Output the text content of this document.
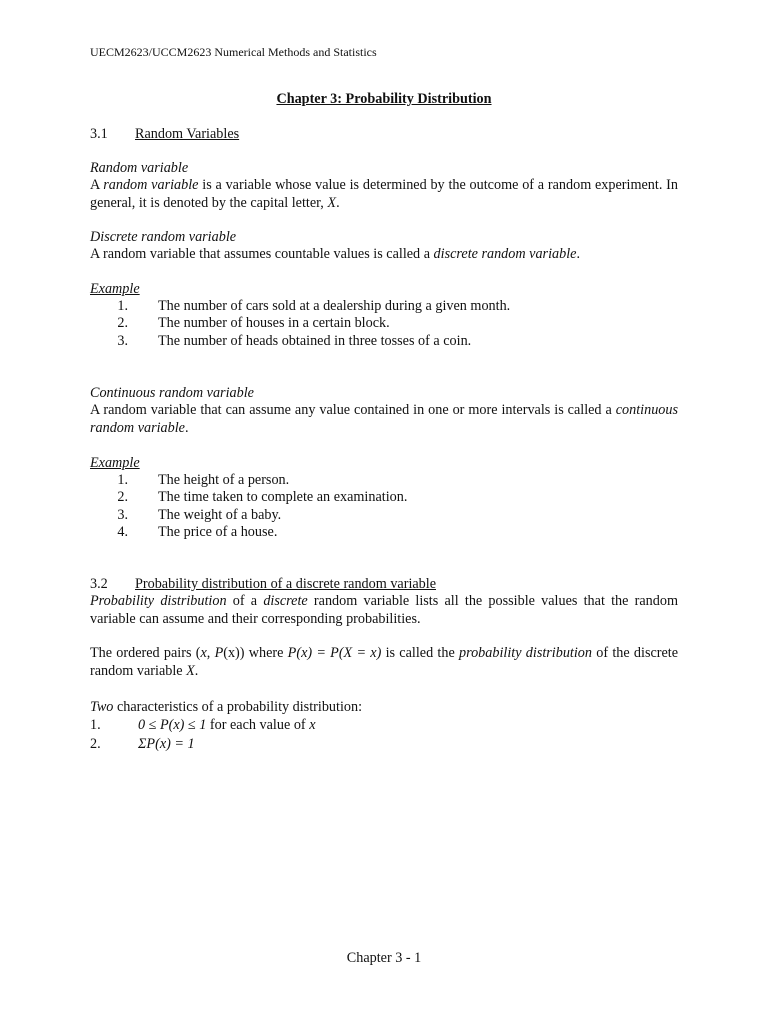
UECM2623/UCCM2623 Numerical Methods and Statistics
Chapter 3: Probability Distribution
3.1 Random Variables
Random variable

A random variable is a variable whose value is determined by the outcome of a random experiment. In general, it is denoted by the capital letter, X.

Discrete random variable

A random variable that assumes countable values is called a discrete random variable.

Example
1. The number of cars sold at a dealership during a given month.
2. The number of houses in a certain block.
3. The number of heads obtained in three tosses of a coin.
Continuous random variable

A random variable that can assume any value contained in one or more intervals is called a continuous random variable.

Example
1. The height of a person.
2. The time taken to complete an examination.
3. The weight of a baby.
4. The price of a house.
3.2 Probability distribution of a discrete random variable

Probability distribution of a discrete random variable lists all the possible values that the random variable can assume and their corresponding probabilities.

The ordered pairs (x, P(x)) where P(x) = P(X = x) is called the probability distribution of the discrete random variable X.

Two characteristics of a probability distribution:
1.	0 ≤ P(x) ≤ 1 for each value of x
2.	ΣP(x) = 1
Chapter 3 - 1
